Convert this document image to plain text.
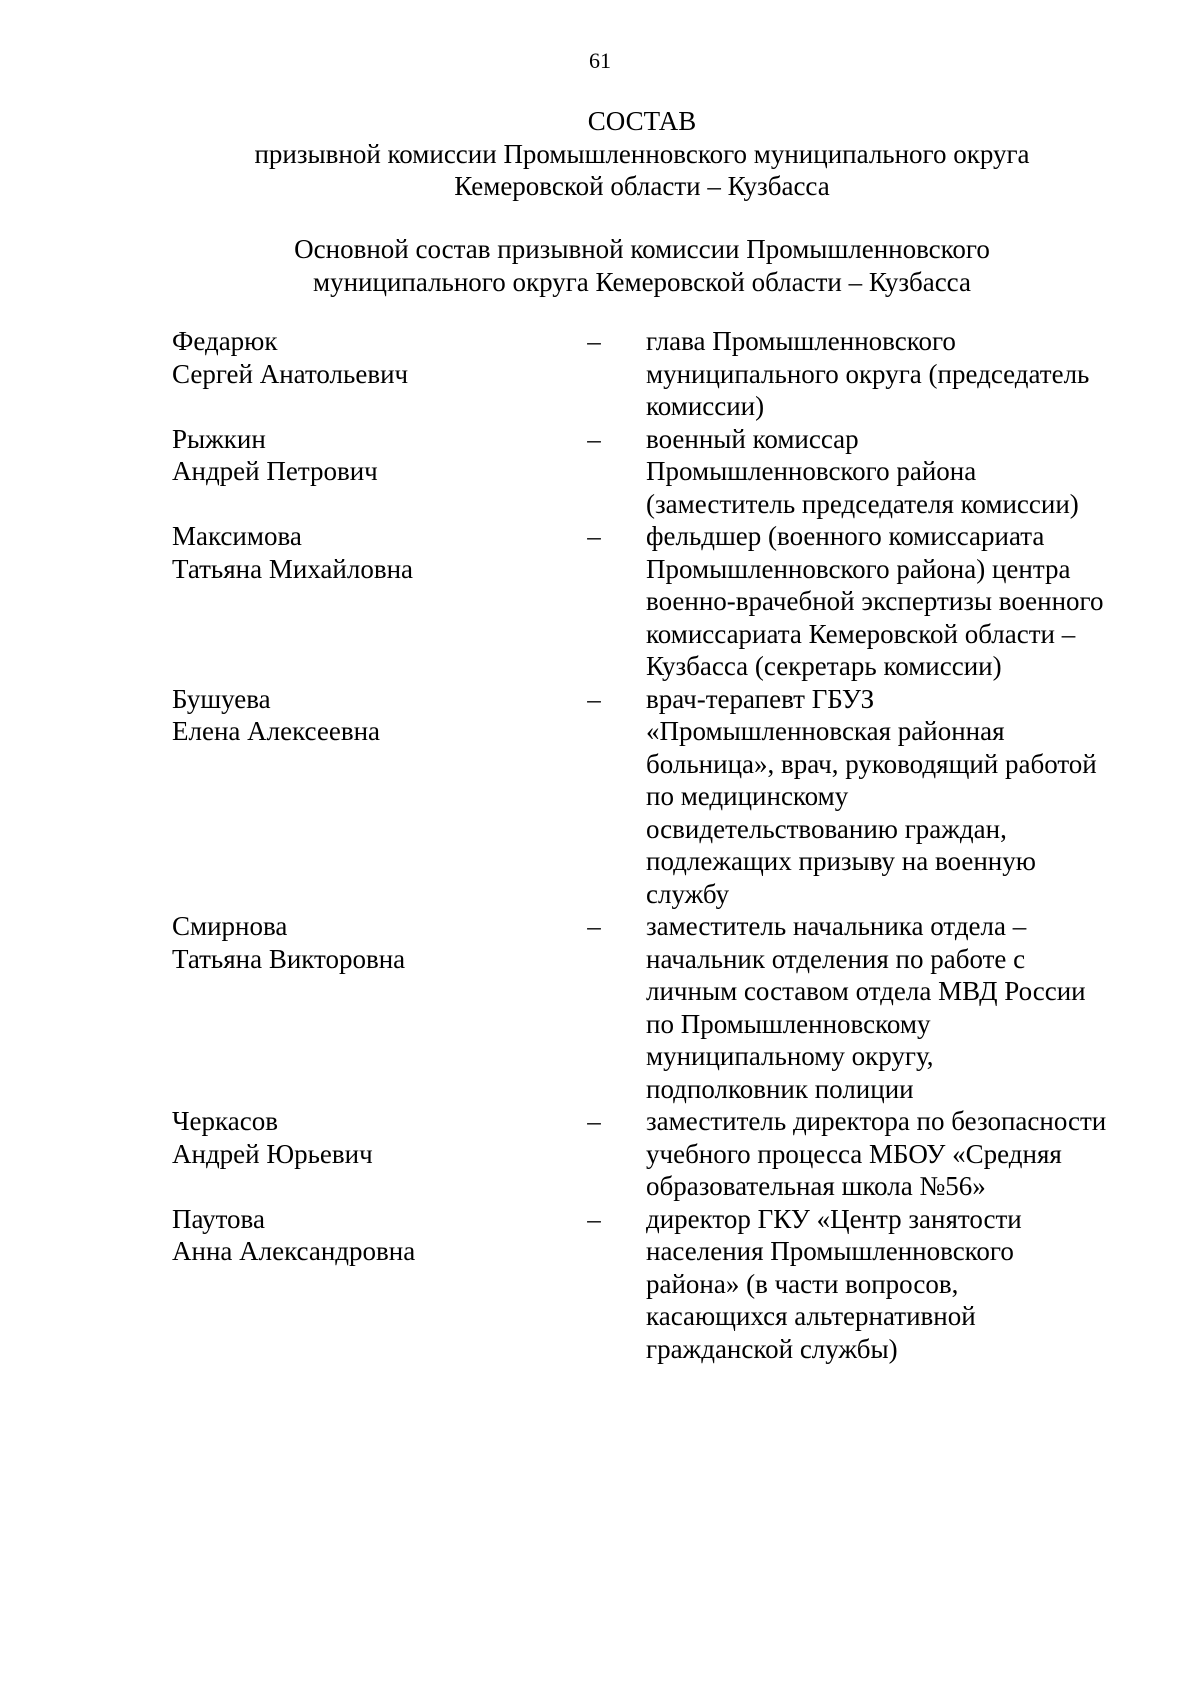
61
СОСТАВ
призывной комиссии Промышленновского муниципального округа
Кемеровской области – Кузбасса
Основной состав призывной комиссии Промышленновского
муниципального округа Кемеровской области – Кузбасса
Федарюк
Сергей Анатольевич
–	глава Промышленновского
муниципального округа (председатель
комиссии)
Рыжкин
Андрей Петрович
–	военный комиссар
Промышленновского района
(заместитель председателя комиссии)
Максимова
Татьяна Михайловна
–	фельдшер (военного комиссариата
Промышленновского района) центра
военно-врачебной экспертизы военного
комиссариата Кемеровской области –
Кузбасса (секретарь комиссии)
Бушуева
Елена Алексеевна
–	врач-терапевт ГБУЗ
«Промышленновская районная
больница», врач, руководящий работой
по медицинскому
освидетельствованию граждан,
подлежащих призыву на военную
службу
Смирнова
Татьяна Викторовна
–	заместитель начальника отдела –
начальник отделения по работе с
личным составом отдела МВД России
по Промышленновскому
муниципальному округу,
подполковник полиции
Черкасов
Андрей Юрьевич
–	заместитель директора по безопасности
учебного процесса МБОУ «Средняя
образовательная школа №56»
Паутова
Анна Александровна
–	директор ГКУ «Центр занятости
населения Промышленновского
района» (в части вопросов,
касающихся альтернативной
гражданской службы)
